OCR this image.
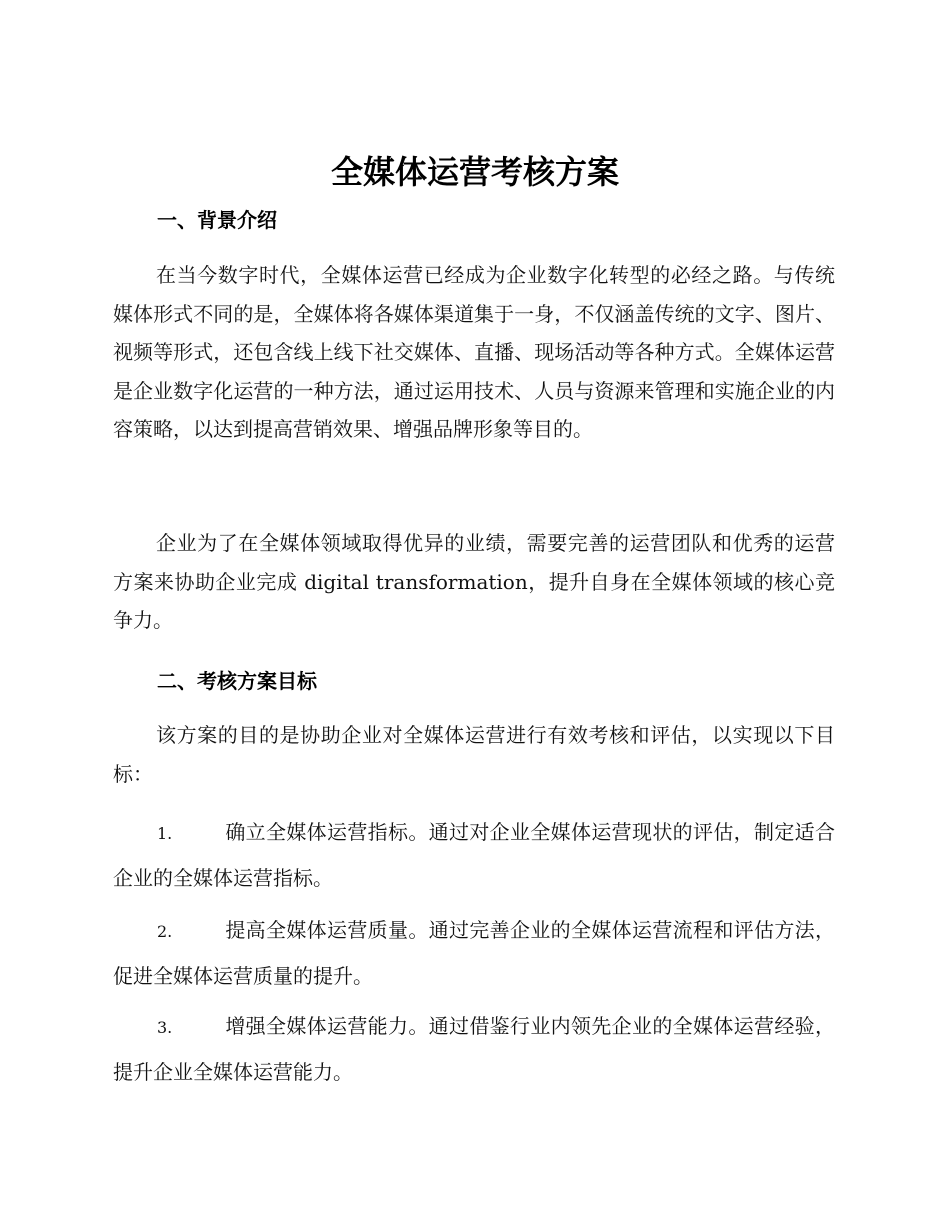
全媒体运营考核方案
一、背景介绍

在当今数字时代，全媒体运营已经成为企业数字化转型的必经之路。与传统媒体形式不同的是，全媒体将各媒体渠道集于一身，不仅涵盖传统的文字、图片、视频等形式，还包含线上线下社交媒体、直播、现场活动等各种方式。全媒体运营是企业数字化运营的一种方法，通过运用技术、人员与资源来管理和实施企业的内容策略，以达到提高营销效果、增强品牌形象等目的。

企业为了在全媒体领域取得优异的业绩，需要完善的运营团队和优秀的运营方案来协助企业完成 digital transformation，提升自身在全媒体领域的核心竞争力。

二、考核方案目标

该方案的目的是协助企业对全媒体运营进行有效考核和评估，以实现以下目标：

1.	确立全媒体运营指标。通过对企业全媒体运营现状的评估，制定适合企业的全媒体运营指标。

2.	提高全媒体运营质量。通过完善企业的全媒体运营流程和评估方法，促进全媒体运营质量的提升。

3.	增强全媒体运营能力。通过借鉴行业内领先企业的全媒体运营经验，提升企业全媒体运营能力。
